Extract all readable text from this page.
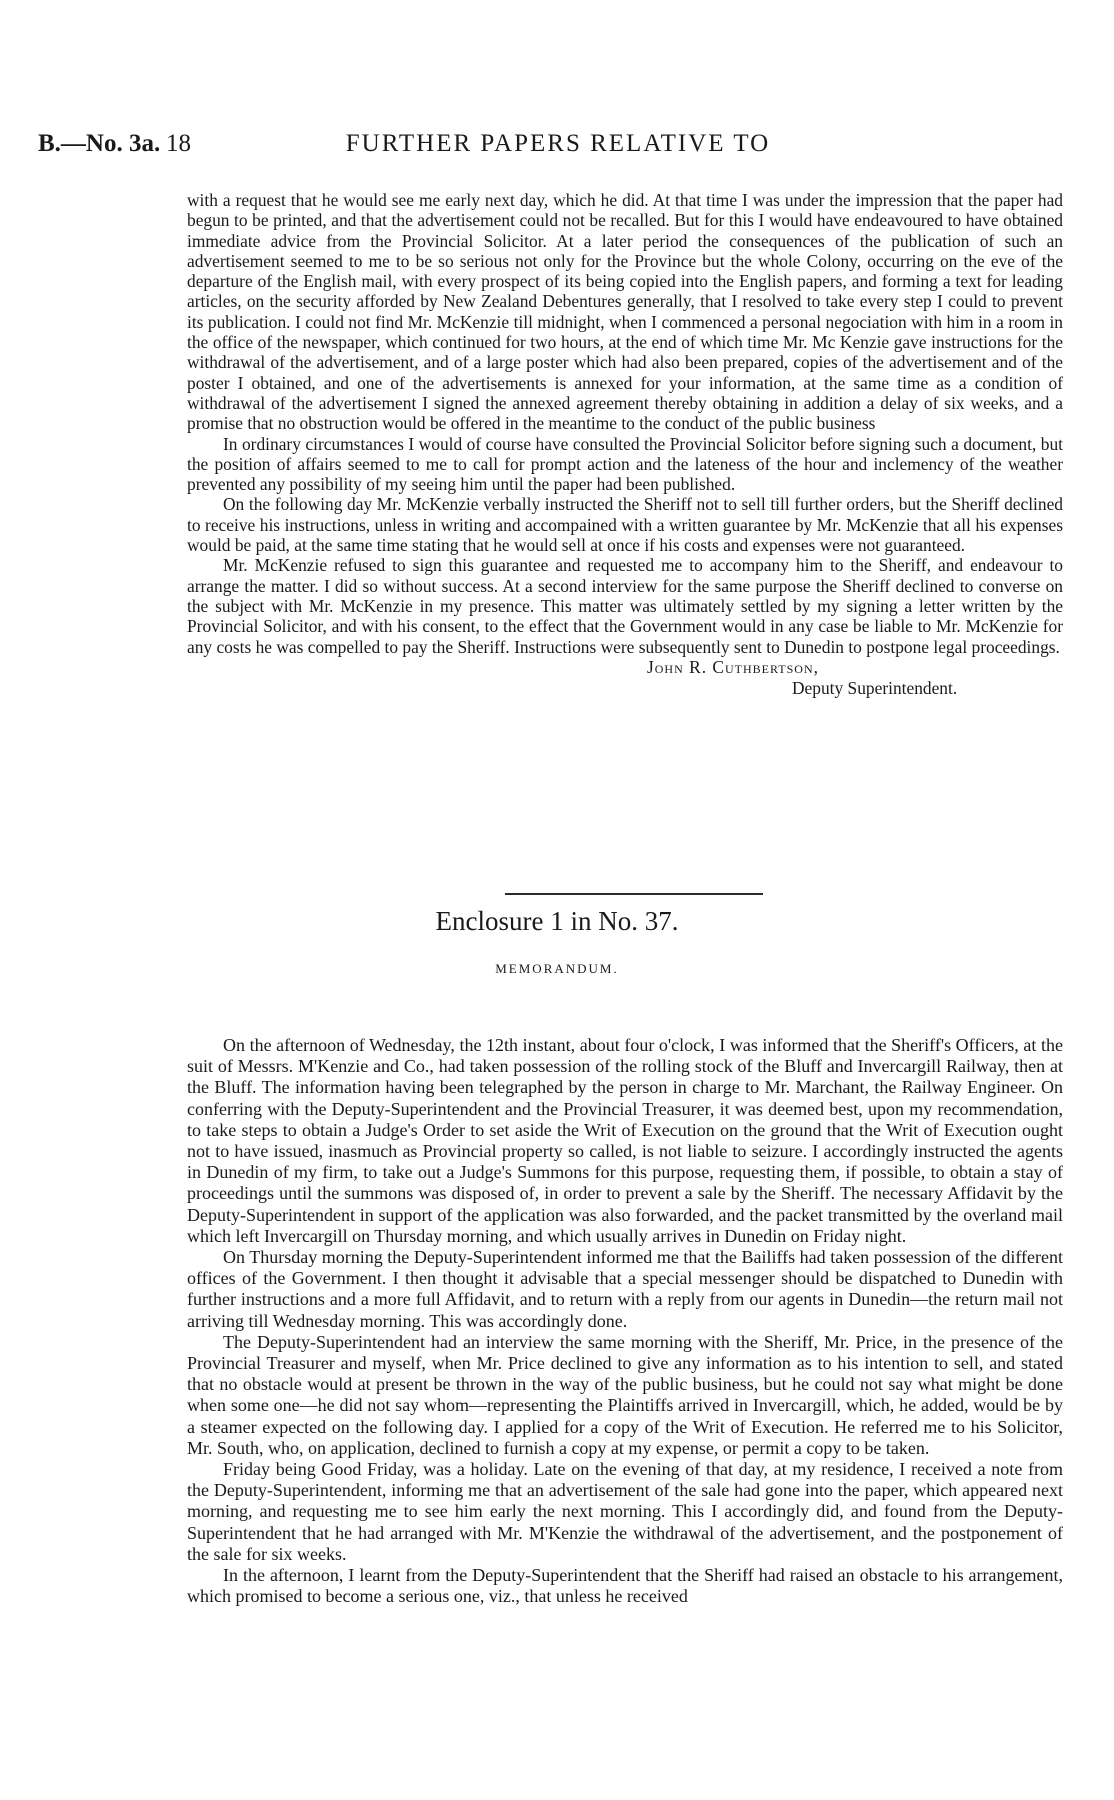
B.—No. 3a. 18	FURTHER PAPERS RELATIVE TO

with a request that he would see me early next day, which he did. At that time I was under the impression that the paper had begun to be printed, and that the advertisement could not be recalled. But for this I would have endeavoured to have obtained immediate advice from the Provincial Solicitor. At a later period the consequences of the publication of such an advertisement seemed to me to be so serious not only for the Province but the whole Colony, occurring on the eve of the departure of the English mail, with every prospect of its being copied into the English papers, and forming a text for leading articles, on the security afforded by New Zealand Debentures generally, that I resolved to take every step I could to prevent its publication. I could not find Mr. McKenzie till midnight, when I commenced a personal negociation with him in a room in the office of the newspaper, which continued for two hours, at the end of which time Mr. Mc Kenzie gave instructions for the withdrawal of the advertisement, and of a large poster which had also been prepared, copies of the advertisement and of the poster I obtained, and one of the advertisements is annexed for your information, at the same time as a condition of withdrawal of the advertisement I signed the annexed agreement thereby obtaining in addition a delay of six weeks, and a promise that no obstruction would be offered in the meantime to the conduct of the public business

In ordinary circumstances I would of course have consulted the Provincial Solicitor before signing such a document, but the position of affairs seemed to me to call for prompt action and the lateness of the hour and inclemency of the weather prevented any possibility of my seeing him until the paper had been published.

On the following day Mr. McKenzie verbally instructed the Sheriff not to sell till further orders, but the Sheriff declined to receive his instructions, unless in writing and accompained with a written guarantee by Mr. McKenzie that all his expenses would be paid, at the same time stating that he would sell at once if his costs and expenses were not guaranteed.

Mr. McKenzie refused to sign this guarantee and requested me to accompany him to the Sheriff, and endeavour to arrange the matter. I did so without success. At a second interview for the same purpose the Sheriff declined to converse on the subject with Mr. McKenzie in my presence. This matter was ultimately settled by my signing a letter written by the Provincial Solicitor, and with his consent, to the effect that the Government would in any case be liable to Mr. McKenzie for any costs he was compelled to pay the Sheriff. Instructions were subsequently sent to Dunedin to postpone legal proceedings.

John R. Cuthbertson,
Deputy Superintendent.
Enclosure 1 in No. 37.
MEMORANDUM.

On the afternoon of Wednesday, the 12th instant, about four o'clock, I was informed that the Sheriff's Officers, at the suit of Messrs. M'Kenzie and Co., had taken possession of the rolling stock of the Bluff and Invercargill Railway, then at the Bluff. The information having been telegraphed by the person in charge to Mr. Marchant, the Railway Engineer. On conferring with the Deputy-Superintendent and the Provincial Treasurer, it was deemed best, upon my recommendation, to take steps to obtain a Judge's Order to set aside the Writ of Execution on the ground that the Writ of Execution ought not to have issued, inasmuch as Provincial property so called, is not liable to seizure. I accordingly instructed the agents in Dunedin of my firm, to take out a Judge's Summons for this purpose, requesting them, if possible, to obtain a stay of proceedings until the summons was disposed of, in order to prevent a sale by the Sheriff. The necessary Affidavit by the Deputy-Superintendent in support of the application was also forwarded, and the packet transmitted by the overland mail which left Invercargill on Thursday morning, and which usually arrives in Dunedin on Friday night.

On Thursday morning the Deputy-Superintendent informed me that the Bailiffs had taken possession of the different offices of the Government. I then thought it advisable that a special messenger should be dispatched to Dunedin with further instructions and a more full Affidavit, and to return with a reply from our agents in Dunedin—the return mail not arriving till Wednesday morning. This was accordingly done.

The Deputy-Superintendent had an interview the same morning with the Sheriff, Mr. Price, in the presence of the Provincial Treasurer and myself, when Mr. Price declined to give any information as to his intention to sell, and stated that no obstacle would at present be thrown in the way of the public business, but he could not say what might be done when some one—he did not say whom—representing the Plaintiffs arrived in Invercargill, which, he added, would be by a steamer expected on the following day. I applied for a copy of the Writ of Execution. He referred me to his Solicitor, Mr. South, who, on application, declined to furnish a copy at my expense, or permit a copy to be taken.

Friday being Good Friday, was a holiday. Late on the evening of that day, at my residence, I received a note from the Deputy-Superintendent, informing me that an advertisement of the sale had gone into the paper, which appeared next morning, and requesting me to see him early the next morning. This I accordingly did, and found from the Deputy-Superintendent that he had arranged with Mr. M'Kenzie the withdrawal of the advertisement, and the postponement of the sale for six weeks.

In the afternoon, I learnt from the Deputy-Superintendent that the Sheriff had raised an obstacle to his arrangement, which promised to become a serious one, viz., that unless he received
